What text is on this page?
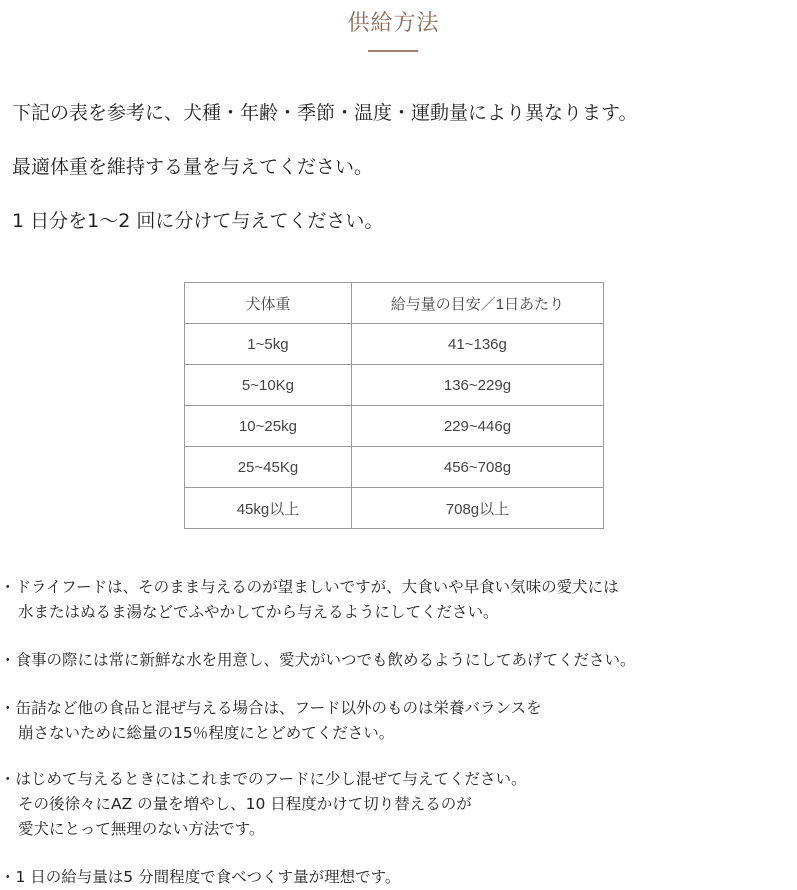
供給方法
下記の表を参考に、犬種・年齢・季節・温度・運動量により異なります。
最適体重を維持する量を与えてください。
1 日分を1～2 回に分けて与えてください。
犬体重	給与量の目安／1日あたり
1~5kg	41~136g
5~10Kg	136~229g
10~25kg	229~446g
25~45Kg	456~708g
45kg以上	708g以上
・ドライフードは、そのまま与えるのが望ましいですが、大食いや早食い気味の愛犬には
水またはぬるま湯などでふやかしてから与えるようにしてください。
・食事の際には常に新鮮な水を用意し、愛犬がいつでも飲めるようにしてあげてください。
・缶詰など他の食品と混ぜ与える場合は、フード以外のものは栄養バランスを
崩さないために総量の15％程度にとどめてください。
・はじめて与えるときにはこれまでのフードに少し混ぜて与えてください。
その後徐々にAZ の量を増やし、10 日程度かけて切り替えるのが
愛犬にとって無理のない方法です。
・1 日の給与量は5 分間程度で食べつくす量が理想です。
